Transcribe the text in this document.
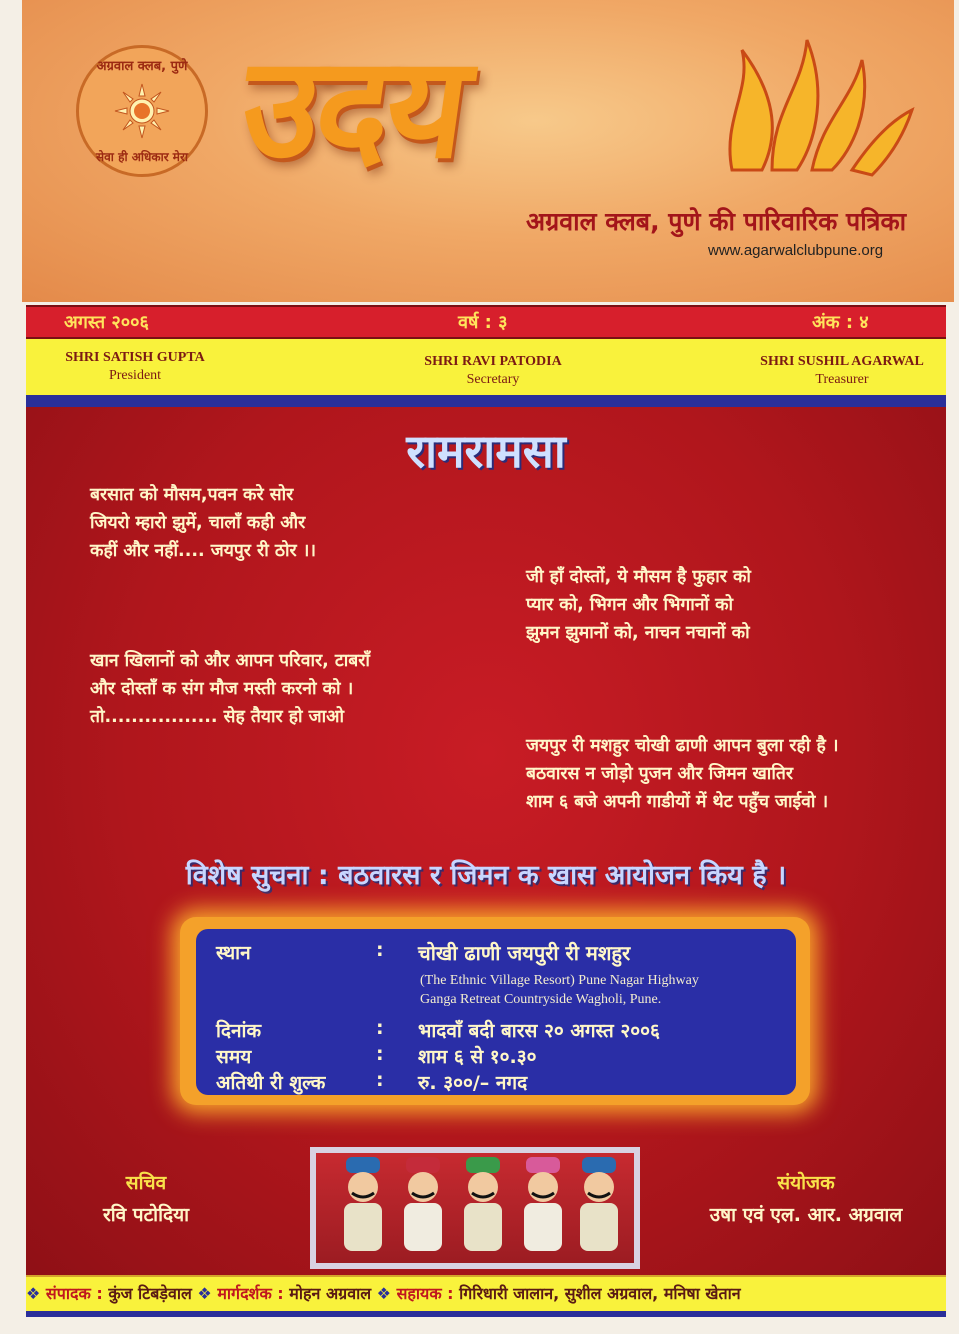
अग्रवाल क्लब, पुणे
सेवा ही अधिकार मेरा उदय
अग्रवाल क्लब, पुणे की पारिवारिक पत्रिका
www.agarwalclubpune.org
अगस्त २००६	वर्ष : ३	अंक : ४
SHRI SATISH GUPTA
President
SHRI RAVI PATODIA
Secretary
SHRI SUSHIL AGARWAL
Treasurer
रामरामसा
बरसात को मौसम,पवन करे सोर
जियरो म्हारो झुमें, चालाँ कही और
कहीं और नहीं.... जयपुर री ठोर ।।
जी हाँ दोस्तों, ये मौसम है फुहार को
प्यार को, भिगन और भिगानों को
झुमन झुमानों को, नाचन नचानों को
खान खिलानों को और आपन परिवार, टाबराँ
और दोस्ताँ क संग मौज मस्ती करनो को ।
तो................. सेह तैयार हो जाओ
जयपुर री मशहुर चोखी ढाणी आपन बुला रही है ।
बठवारस न जोड़ो पुजन और जिमन खातिर
शाम ६ बजे अपनी गाडीयों में थेट पहुँच जाईवो ।
विशेष सुचना : बठवारस र जिमन क खास आयोजन किय है ।
स्थान	: चोखी ढाणी जयपुरी री मशहुर
(The Ethnic Village Resort) Pune Nagar Highway
Ganga Retreat Countryside Wagholi, Pune.
दिनांक	: भादवाँ बदी बारस २० अगस्त २००६
समय	: शाम ६ से १०.३०
अतिथी री शुल्क	: रु. ३००/– नगद
सचिव
रवि पटोदिया
संयोजक
उषा एवं एल. आर. अग्रवाल
❖ संपादक : कुंज टिबड़ेवाल ❖ मार्गदर्शक : मोहन अग्रवाल ❖ सहायक : गिरिधारी जालान, सुशील अग्रवाल, मनिषा खेतान
